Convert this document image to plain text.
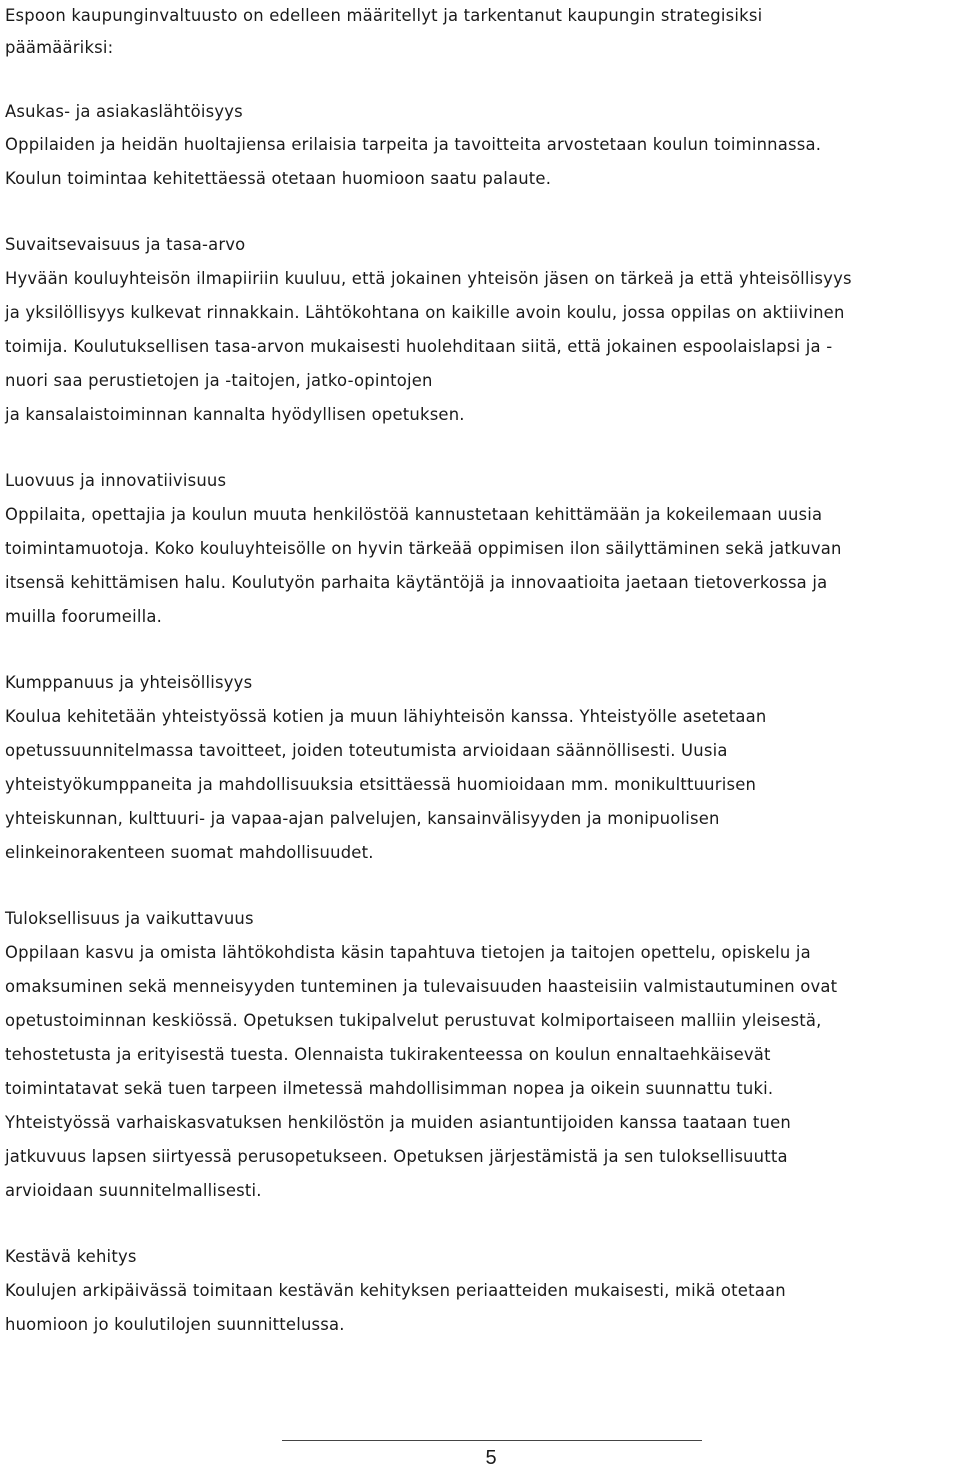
Espoon kaupunginvaltuusto on edelleen määritellyt ja tarkentanut kaupungin strategisiksi

päämääriksi:

Asukas- ja asiakaslähtöisyys

Oppilaiden ja heidän huoltajiensa erilaisia tarpeita ja tavoitteita arvostetaan koulun toiminnassa.

Koulun toimintaa kehitettäessä otetaan huomioon saatu palaute.

Suvaitsevaisuus ja tasa-arvo

Hyvään kouluyhteisön ilmapiiriin kuuluu, että jokainen yhteisön jäsen on tärkeä ja että yhteisöllisyys

ja yksilöllisyys kulkevat rinnakkain. Lähtökohtana on kaikille avoin koulu, jossa oppilas on aktiivinen

toimija. Koulutuksellisen tasa-arvon mukaisesti huolehditaan siitä, että jokainen espoolaislapsi ja -

nuori saa perustietojen ja -taitojen, jatko-opintojen

ja kansalaistoiminnan kannalta hyödyllisen opetuksen.

Luovuus ja innovatiivisuus

Oppilaita, opettajia ja koulun muuta henkilöstöä kannustetaan kehittämään ja kokeilemaan uusia

toimintamuotoja. Koko kouluyhteisölle on hyvin tärkeää oppimisen ilon säilyttäminen sekä jatkuvan

itsensä kehittämisen halu. Koulutyön parhaita käytäntöjä ja innovaatioita jaetaan tietoverkossa ja

muilla foorumeilla.

Kumppanuus ja yhteisöllisyys

Koulua kehitetään yhteistyössä kotien ja muun lähiyhteisön kanssa. Yhteistyölle asetetaan

opetussuunnitelmassa tavoitteet, joiden toteutumista arvioidaan säännöllisesti. Uusia

yhteistyökumppaneita ja mahdollisuuksia etsittäessä huomioidaan mm. monikulttuurisen

yhteiskunnan, kulttuuri- ja vapaa-ajan palvelujen, kansainvälisyyden ja monipuolisen

elinkeinorakenteen suomat mahdollisuudet.

Tuloksellisuus ja vaikuttavuus

Oppilaan kasvu ja omista lähtökohdista käsin tapahtuva tietojen ja taitojen opettelu, opiskelu ja

omaksuminen sekä menneisyyden tunteminen ja tulevaisuuden haasteisiin valmistautuminen ovat

opetustoiminnan keskiössä. Opetuksen tukipalvelut perustuvat kolmiportaiseen malliin yleisestä,

tehostetusta ja erityisestä tuesta. Olennaista tukirakenteessa on koulun ennaltaehkäisevät

toimintatavat sekä tuen tarpeen ilmetessä mahdollisimman nopea ja oikein suunnattu tuki.

Yhteistyössä varhaiskasvatuksen henkilöstön ja muiden asiantuntijoiden kanssa taataan tuen

jatkuvuus lapsen siirtyessä perusopetukseen. Opetuksen järjestämistä ja sen tuloksellisuutta

arvioidaan suunnitelmallisesti.

Kestävä kehitys

Koulujen arkipäivässä toimitaan kestävän kehityksen periaatteiden mukaisesti, mikä otetaan

huomioon jo koulutilojen suunnittelussa.

5
